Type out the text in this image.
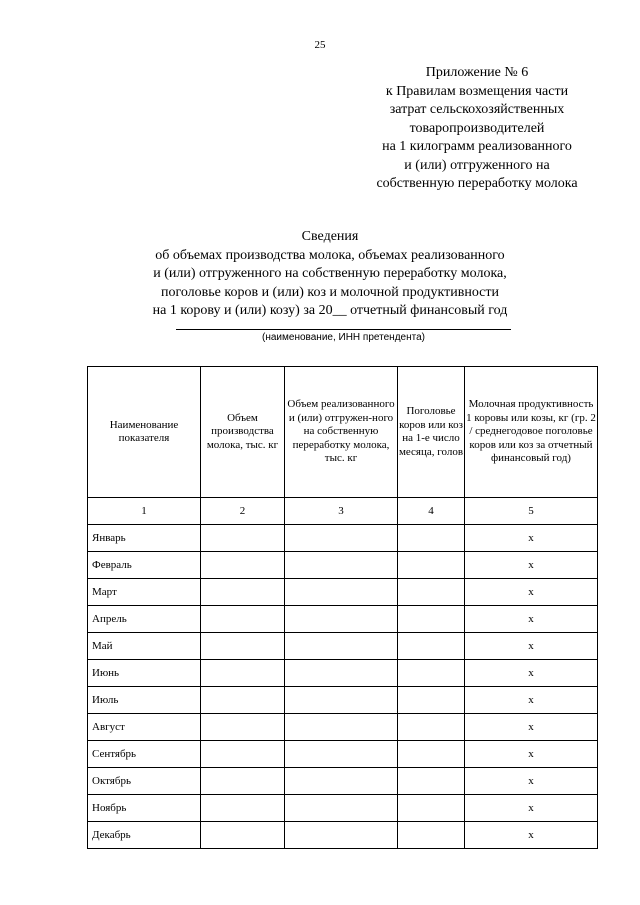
25
Приложение № 6
к Правилам возмещения части
затрат сельскохозяйственных
товаропроизводителей
на 1 килограмм реализованного
и (или) отгруженного на
собственную переработку молока
Сведения
об объемах производства молока, объемах реализованного
и (или) отгруженного на собственную переработку молока,
поголовье коров и (или) коз и молочной продуктивности
на 1 корову и (или) козу) за 20__ отчетный финансовый год
(наименование, ИНН претендента)
Наименование показателя	Объем производства молока, тыс. кг	Объем реализованного и (или) отгружен-ного на собственную переработку молока, тыс. кг	Поголовье коров или коз на 1-е число месяца, голов	Молочная продуктивность 1 коровы или козы, кг (гр. 2 / среднегодовое поголовье коров или коз за отчетный финансовый год)
1	2	3	4	5
Январь				x
Февраль				x
Март				x
Апрель				x
Май				x
Июнь				x
Июль				x
Август				x
Сентябрь				x
Октябрь				x
Ноябрь				x
Декабрь				x
